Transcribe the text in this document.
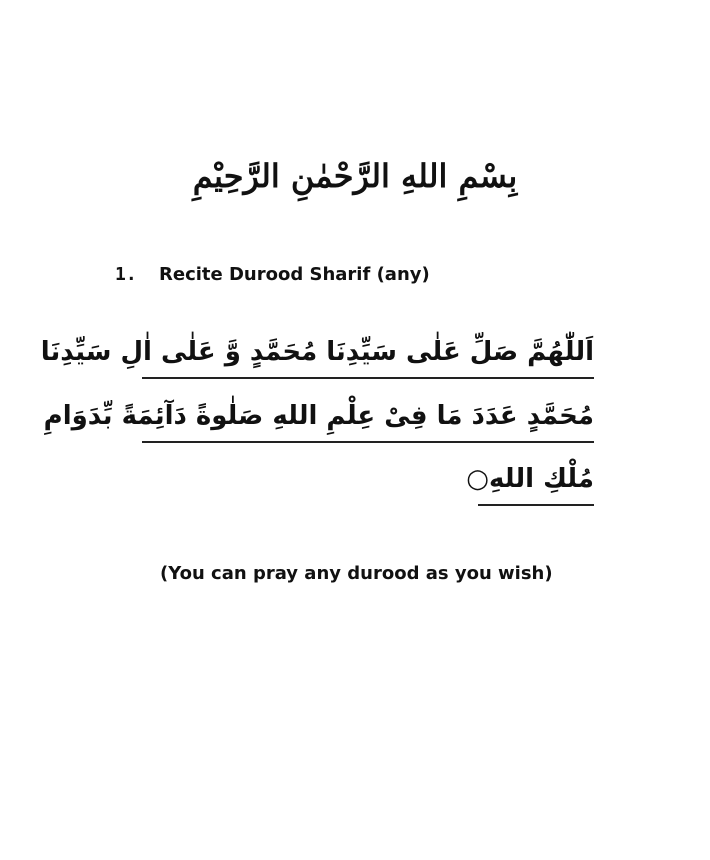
بِسْمِ اللهِ الرَّحْمٰنِ الرَّحِيْمِ
1. Recite Durood Sharif (any)
اَللّٰهُمَّ صَلِّ عَلٰى سَيِّدِنَا مُحَمَّدٍ وَّ عَلٰى اٰلِ سَيِّدِنَا
مُحَمَّدٍ عَدَدَ مَا فِىْ عِلْمِ اللهِ صَلٰوةً دَآئِمَةً بِّدَوَامِ
مُلْكِ اللهِ○
(You can pray any durood as you wish)
